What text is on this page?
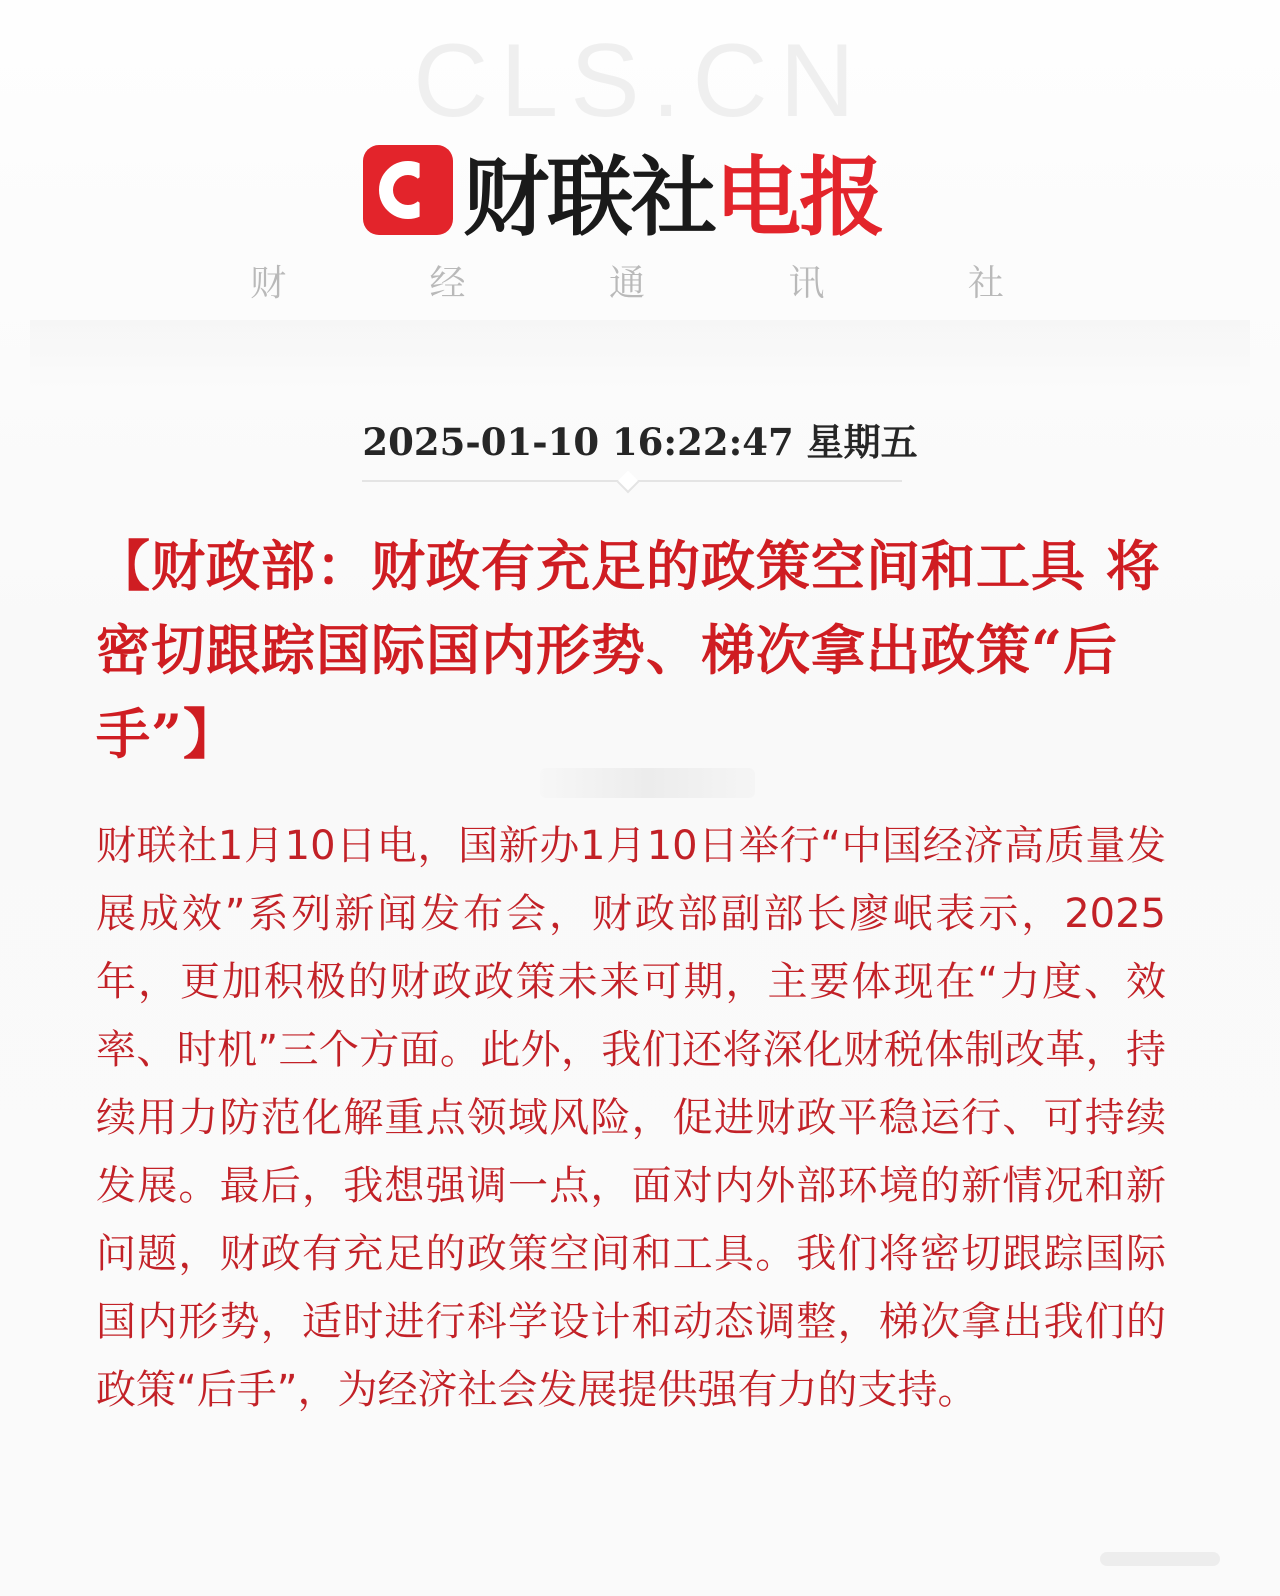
CLS.CN
财联社 电报
财 经 通 讯 社
2025-01-10 16:22:47 星期五
【财政部：财政有充足的政策空间和工具 将密切跟踪国际国内形势、梯次拿出政策“后手”】
财联社1月10日电，国新办1月10日举行“中国经济高质量发展成效”系列新闻发布会，财政部副部长廖岷表示，2025年，更加积极的财政政策未来可期，主要体现在“力度、效率、时机”三个方面。此外，我们还将深化财税体制改革，持续用力防范化解重点领域风险，促进财政平稳运行、可持续发展。最后，我想强调一点，面对内外部环境的新情况和新问题，财政有充足的政策空间和工具。我们将密切跟踪国际国内形势，适时进行科学设计和动态调整，梯次拿出我们的政策“后手”，为经济社会发展提供强有力的支持。
